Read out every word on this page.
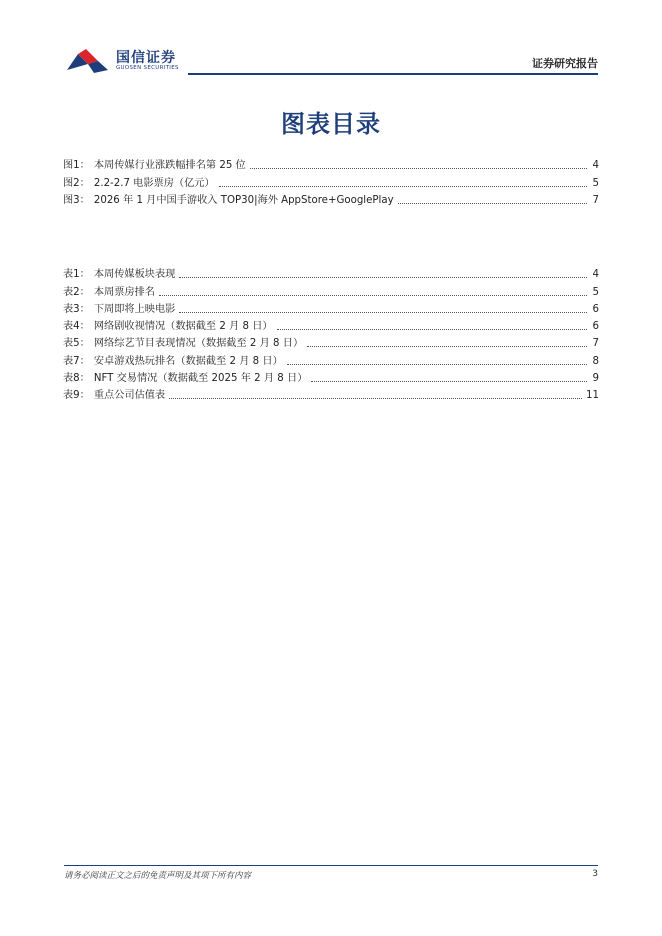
国信证券
GUOSEN SECURITIES	证券研究报告
图表目录
图1 ： 本周传媒行业涨跌幅排名第 25 位	4
图2 ： 2.2-2.7 电影票房（亿元）	5
图3 ： 2026 年 1 月中国手游收入 TOP30|海外 AppStore+GooglePlay	7
表1 ： 本周传媒板块表现	4
表2 ： 本周票房排名	5
表3 ： 下周即将上映电影	6
表4 ： 网络剧收视情况（数据截至 2 月 8 日）	6
表5 ： 网络综艺节目表现情况（数据截至 2 月 8 日）	7
表7 ： 安卓游戏热玩排名（数据截至 2 月 8 日）	8
表8 ： NFT 交易情况（数据截至 2025 年 2 月 8 日）	9
表9 ： 重点公司估值表	11
请务必阅读正文之后的免责声明及其项下所有内容	3
